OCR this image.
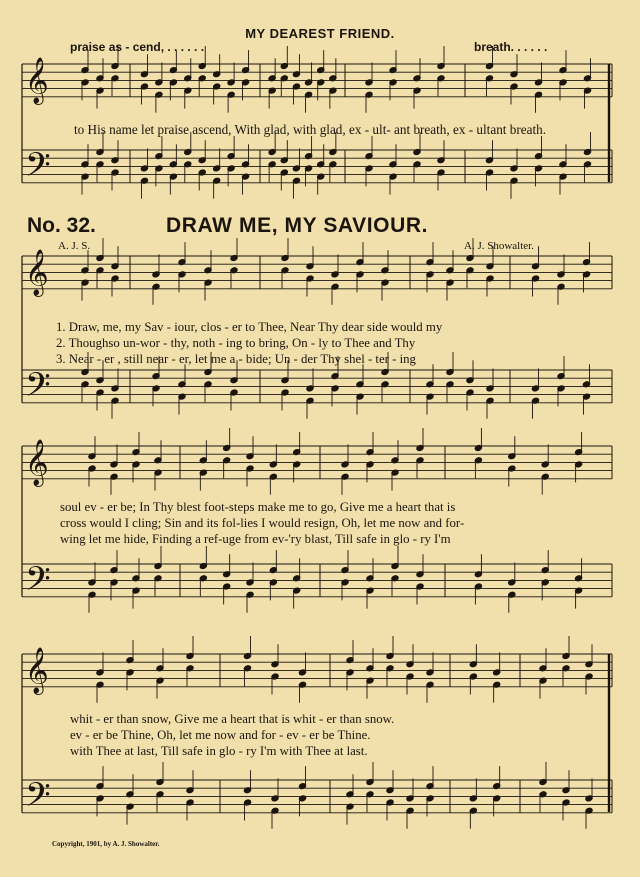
𝄞
𝄢
𝄞
𝄢
𝄞
𝄢
𝄞
𝄢
MY DEAREST FRIEND.
praise as - cend, . . . . . .	breath. . . . . .
to His name let praise ascend, With glad, with glad, ex - ult- ant breath, ex - ultant breath.
No. 32.	DRAW ME, MY SAVIOUR.
A. J. S.	A. J. Showalter.
1. Draw, me, my Sav - iour, clos - er to Thee, Near Thy dear side would my
2. Thoughso un-wor - thy, noth - ing to bring, On - ly to Thee and Thy
3. Near - er , still near - er, let me a - bide; Un - der Thy shel - ter - ing
soul ev - er be; In Thy blest foot-steps make me to go, Give me a heart that is
cross would I cling; Sin and its fol-lies I would resign, Oh, let me now and for-
wing let me hide, Finding a ref-uge from ev-'ry blast, Till safe in glo - ry I'm
whit - er than snow, Give me a heart that is whit - er than snow.
ev - er be Thine, Oh, let me now and for - ev - er be Thine.
with Thee at last, Till safe in glo - ry I'm with Thee at last.
Copyright, 1901, by A. J. Showalter.
